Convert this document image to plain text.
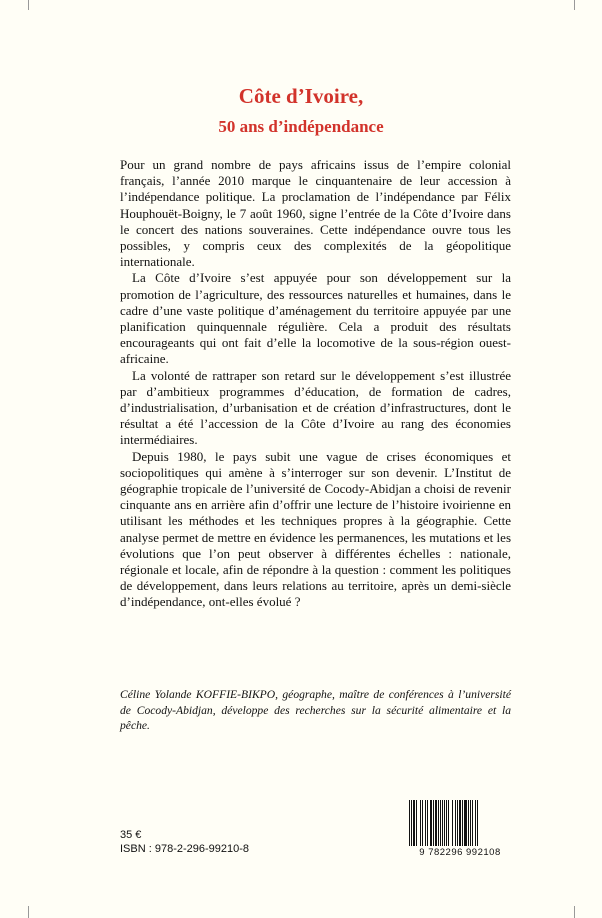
Côte d’Ivoire,
50 ans d’indépendance

Pour un grand nombre de pays africains issus de l’empire colonial français, l’année 2010 marque le cinquantenaire de leur accession à l’indépendance politique. La proclamation de l’indépendance par Félix Houphouët-Boigny, le 7 août 1960, signe l’entrée de la Côte d’Ivoire dans le concert des nations souveraines. Cette indépendance ouvre tous les possibles, y compris ceux des complexités de la géopolitique internationale.

La Côte d’Ivoire s’est appuyée pour son développement sur la promotion de l’agriculture, des ressources naturelles et humaines, dans le cadre d’une vaste politique d’aménagement du territoire appuyée par une planification quinquennale régulière. Cela a produit des résultats encourageants qui ont fait d’elle la locomotive de la sous-région ouest-africaine.

La volonté de rattraper son retard sur le développement s’est illustrée par d’ambitieux programmes d’éducation, de formation de cadres, d’industrialisation, d’urbanisation et de création d’infrastructures, dont le résultat a été l’accession de la Côte d’Ivoire au rang des économies intermédiaires.

Depuis 1980, le pays subit une vague de crises économiques et sociopolitiques qui amène à s’interroger sur son devenir. L’Institut de géographie tropicale de l’université de Cocody-Abidjan a choisi de revenir cinquante ans en arrière afin d’offrir une lecture de l’histoire ivoirienne en utilisant les méthodes et les techniques propres à la géographie. Cette analyse permet de mettre en évidence les permanences, les mutations et les évolutions que l’on peut observer à différentes échelles : nationale, régionale et locale, afin de répondre à la question : comment les politiques de développement, dans leurs relations au territoire, après un demi-siècle d’indépendance, ont-elles évolué ?

Céline Yolande KOFFIE-BIKPO, géographe, maître de conférences à l’université de Cocody-Abidjan, développe des recherches sur la sécurité alimentaire et la pêche.
35 €
ISBN : 978-2-296-99210-8	9 782296 992108
